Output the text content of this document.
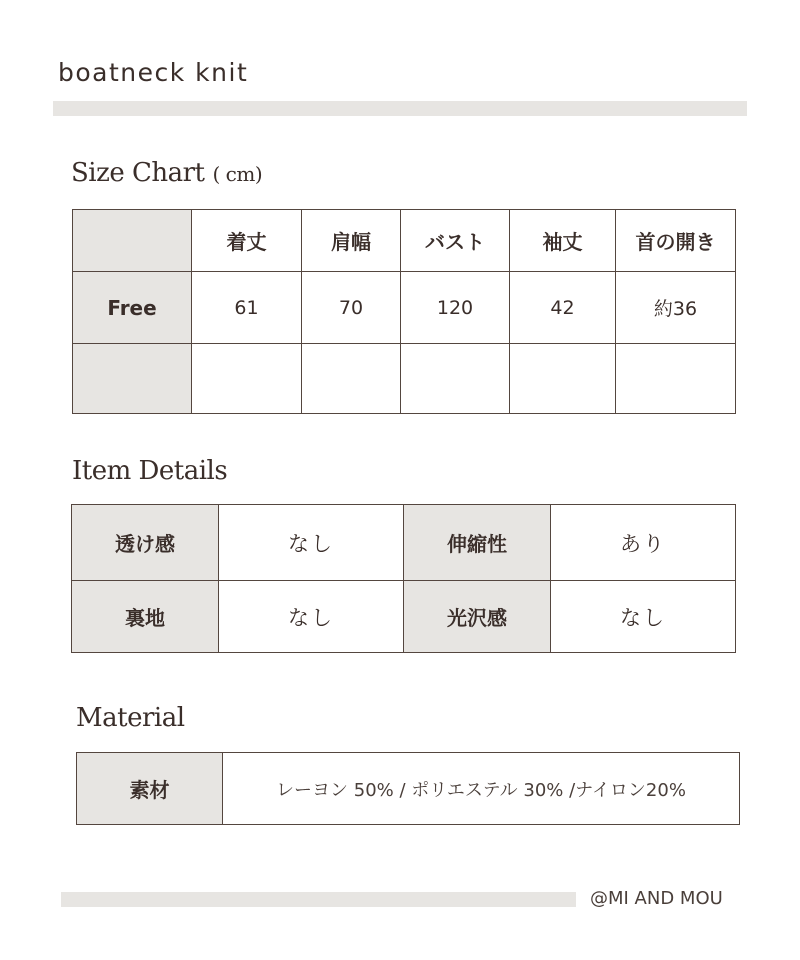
boatneck knit
Size Chart ( cm)
	着丈	肩幅	バスト	袖丈	首の開き
Free	61	70	120	42	約36

Item Details
透け感	なし	伸縮性	あり
裏地	なし	光沢感	なし
Material
素材	レーヨン 50% / ポリエステル 30% /ナイロン20%
@MI AND MOU
